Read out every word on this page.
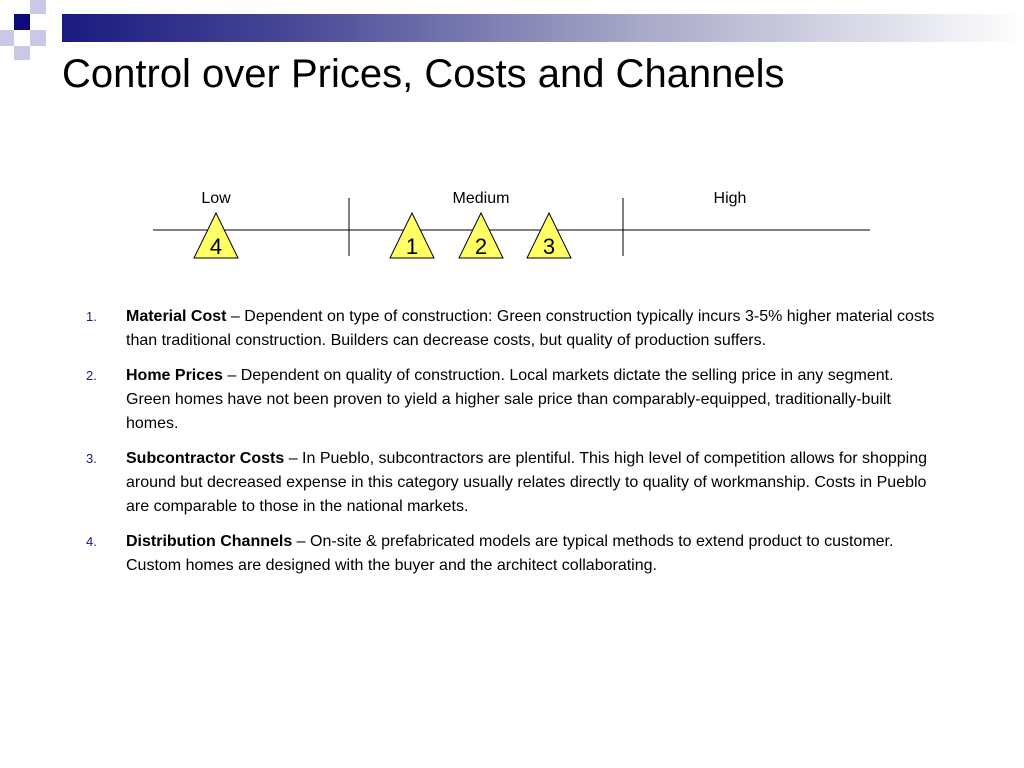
Control over Prices, Costs and Channels
Low	Medium	High
4	1	2	3
1. Material Cost – Dependent on type of construction: Green construction typically incurs 3-5% higher material costs than traditional construction. Builders can decrease costs, but quality of production suffers.
2. Home Prices – Dependent on quality of construction. Local markets dictate the selling price in any segment. Green homes have not been proven to yield a higher sale price than comparably-equipped, traditionally-built homes.
3. Subcontractor Costs – In Pueblo, subcontractors are plentiful. This high level of competition allows for shopping around but decreased expense in this category usually relates directly to quality of workmanship. Costs in Pueblo are comparable to those in the national markets.
4. Distribution Channels – On-site & prefabricated models are typical methods to extend product to customer. Custom homes are designed with the buyer and the architect collaborating.
